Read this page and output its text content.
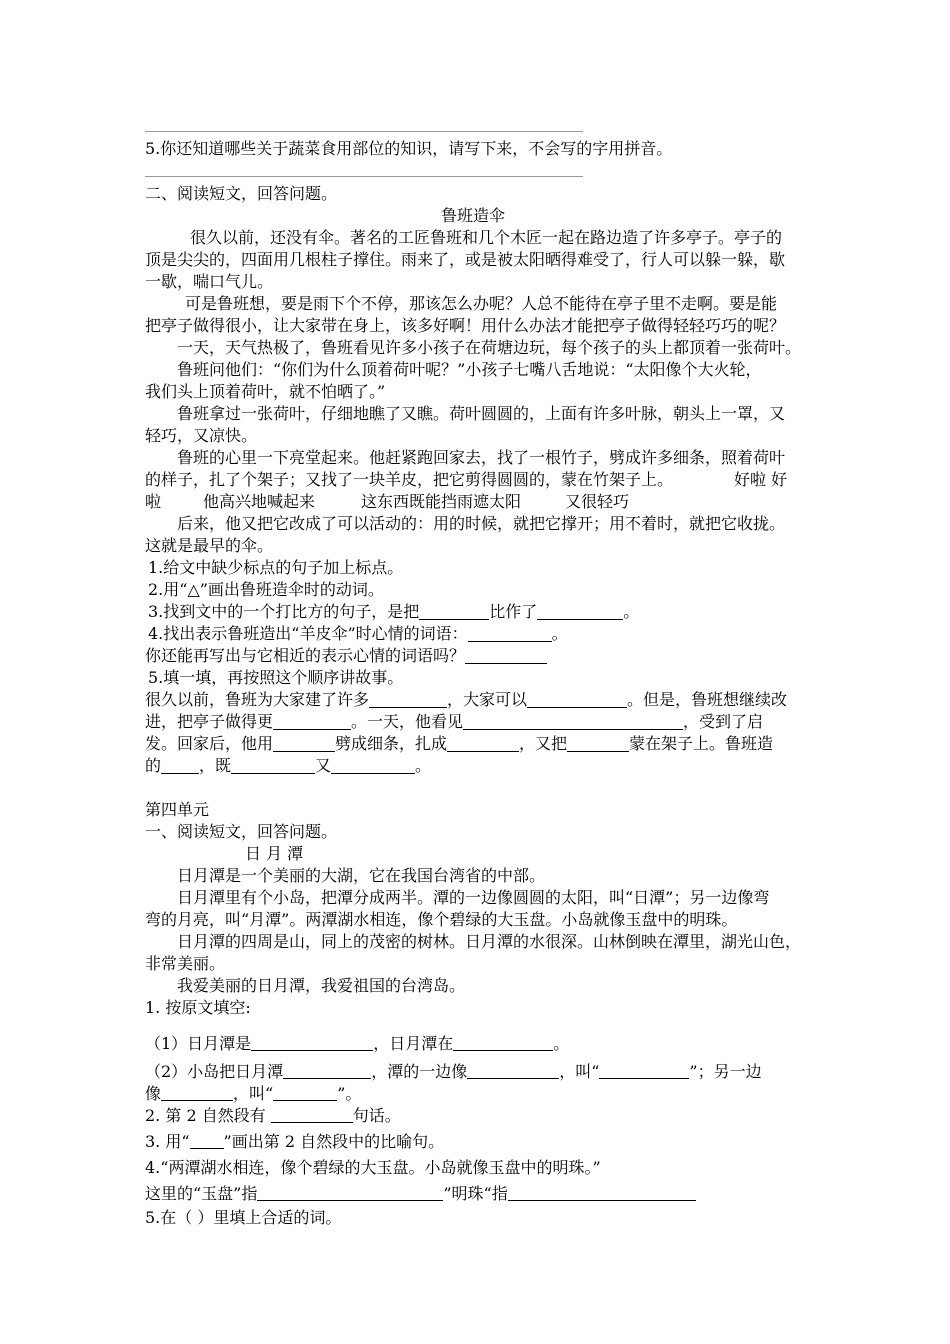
5.你还知道哪些关于蔬菜食用部位的知识，请写下来，不会写的字用拼音。
二、阅读短文，回答问题。
鲁班造伞
很久以前，还没有伞。著名的工匠鲁班和几个木匠一起在路边造了许多亭子。亭子的
顶是尖尖的，四面用几根柱子撑住。雨来了，或是被太阳晒得难受了，行人可以躲一躲，歇
一歇，喘口气儿。
可是鲁班想，要是雨下个不停，那该怎么办呢？人总不能待在亭子里不走啊。要是能
把亭子做得很小，让大家带在身上，该多好啊！用什么办法才能把亭子做得轻轻巧巧的呢？
一天，天气热极了，鲁班看见许多小孩子在荷塘边玩，每个孩子的头上都顶着一张荷叶。
鲁班问他们：“你们为什么顶着荷叶呢？”小孩子七嘴八舌地说：“太阳像个大火轮，
我们头上顶着荷叶，就不怕晒了。”
鲁班拿过一张荷叶，仔细地瞧了又瞧。荷叶圆圆的，上面有许多叶脉，朝头上一罩，又
轻巧，又凉快。
鲁班的心里一下亮堂起来。他赶紧跑回家去，找了一根竹子，劈成许多细条，照着荷叶
的样子，扎了个架子；又找了一块羊皮，把它剪得圆圆的，蒙在竹架子上。	好啦 好
啦	他高兴地喊起来	这东西既能挡雨遮太阳	又很轻巧
后来，他又把它改成了可以活动的：用的时候，就把它撑开；用不着时，就把它收拢。
这就是最早的伞。
1.给文中缺少标点的句子加上标点。
2.用“△”画出鲁班造伞时的动词。
3.找到文中的一个打比方的句子，是把	比作了	。
4.找出表示鲁班造出“羊皮伞”时心情的词语：	。
你还能再写出与它相近的表示心情的词语吗？
5.填一填，再按照这个顺序讲故事。
很久以前，鲁班为大家建了许多	，大家可以	。但是，鲁班想继续改
进，把亭子做得更	。一天，他看见	，受到了启
发。回家后，他用	劈成细条，扎成	，又把	蒙在架子上。鲁班造
的 ，既	又	。
第四单元
一、阅读短文，回答问题。
日 月 潭
日月潭是一个美丽的大湖，它在我国台湾省的中部。
日月潭里有个小岛，把潭分成两半。潭的一边像圆圆的太阳，叫“日潭”；另一边像弯
弯的月亮，叫“月潭”。两潭湖水相连，像个碧绿的大玉盘。小岛就像玉盘中的明珠。
日月潭的四周是山，同上的茂密的树林。日月潭的水很深。山林倒映在潭里，湖光山色，
非常美丽。
我爱美丽的日月潭，我爱祖国的台湾岛。
1. 按原文填空:
（1）日月潭是	，日月潭在	。
（2）小岛把日月潭	，潭的一边像	，叫“	”；另一边
像	，叫“	”。
2. 第 2 自然段有	句话。
3. 用“ ”画出第 2 自然段中的比喻句。
4.“两潭湖水相连，像个碧绿的大玉盘。小岛就像玉盘中的明珠。”
这里的“玉盘”指	”明珠“指
5.在（ ）里填上合适的词。
